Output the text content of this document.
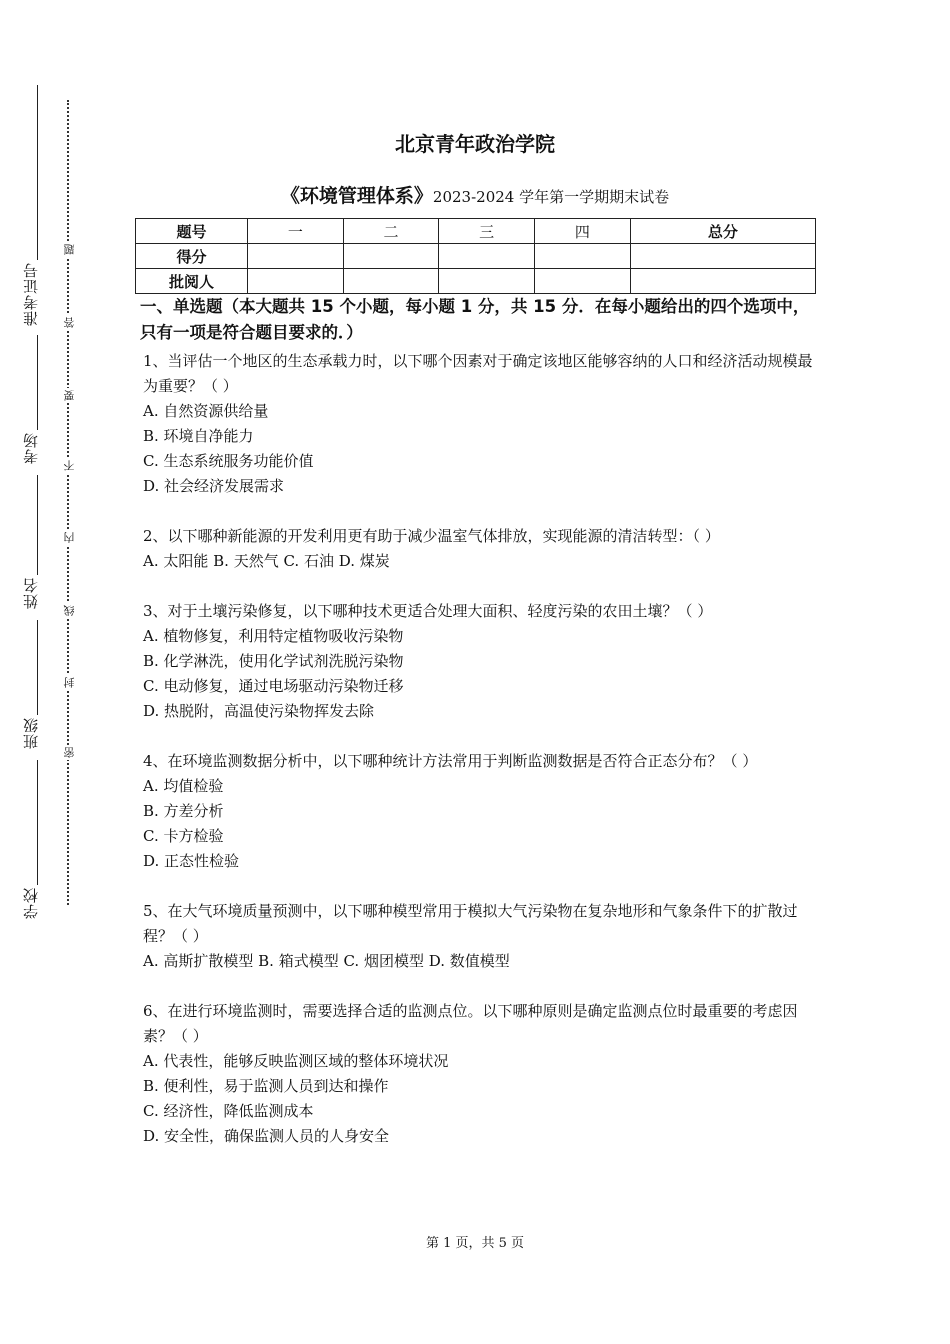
准考证号
考场
姓名
班级
学校
题
答
要
不
内
线
封
密
北京青年政治学院
《环境管理体系》2023-2024 学年第一学期期末试卷
题号	一	二	三	四	总分
得分					
批阅人					
一、单选题（本大题共 15 个小题，每小题 1 分，共 15 分．在每小题给出的四个选项中，只有一项是符合题目要求的．）

1、当评估一个地区的生态承载力时，以下哪个因素对于确定该地区能够容纳的人口和经济活动规模最为重要？（ ）

A. 自然资源供给量

B. 环境自净能力

C. 生态系统服务功能价值

D. 社会经济发展需求

2、以下哪种新能源的开发利用更有助于减少温室气体排放，实现能源的清洁转型：（ ）

A. 太阳能 B. 天然气 C. 石油 D. 煤炭

3、对于土壤污染修复，以下哪种技术更适合处理大面积、轻度污染的农田土壤？（ ）

A. 植物修复，利用特定植物吸收污染物

B. 化学淋洗，使用化学试剂洗脱污染物

C. 电动修复，通过电场驱动污染物迁移

D. 热脱附，高温使污染物挥发去除

4、在环境监测数据分析中，以下哪种统计方法常用于判断监测数据是否符合正态分布？（ ）

A. 均值检验

B. 方差分析

C. 卡方检验

D. 正态性检验

5、在大气环境质量预测中，以下哪种模型常用于模拟大气污染物在复杂地形和气象条件下的扩散过程？（ ）

A. 高斯扩散模型 B. 箱式模型 C. 烟团模型 D. 数值模型

6、在进行环境监测时，需要选择合适的监测点位。以下哪种原则是确定监测点位时最重要的考虑因素？（ ）

A. 代表性，能够反映监测区域的整体环境状况

B. 便利性，易于监测人员到达和操作

C. 经济性，降低监测成本

D. 安全性，确保监测人员的人身安全

第 1 页，共 5 页
